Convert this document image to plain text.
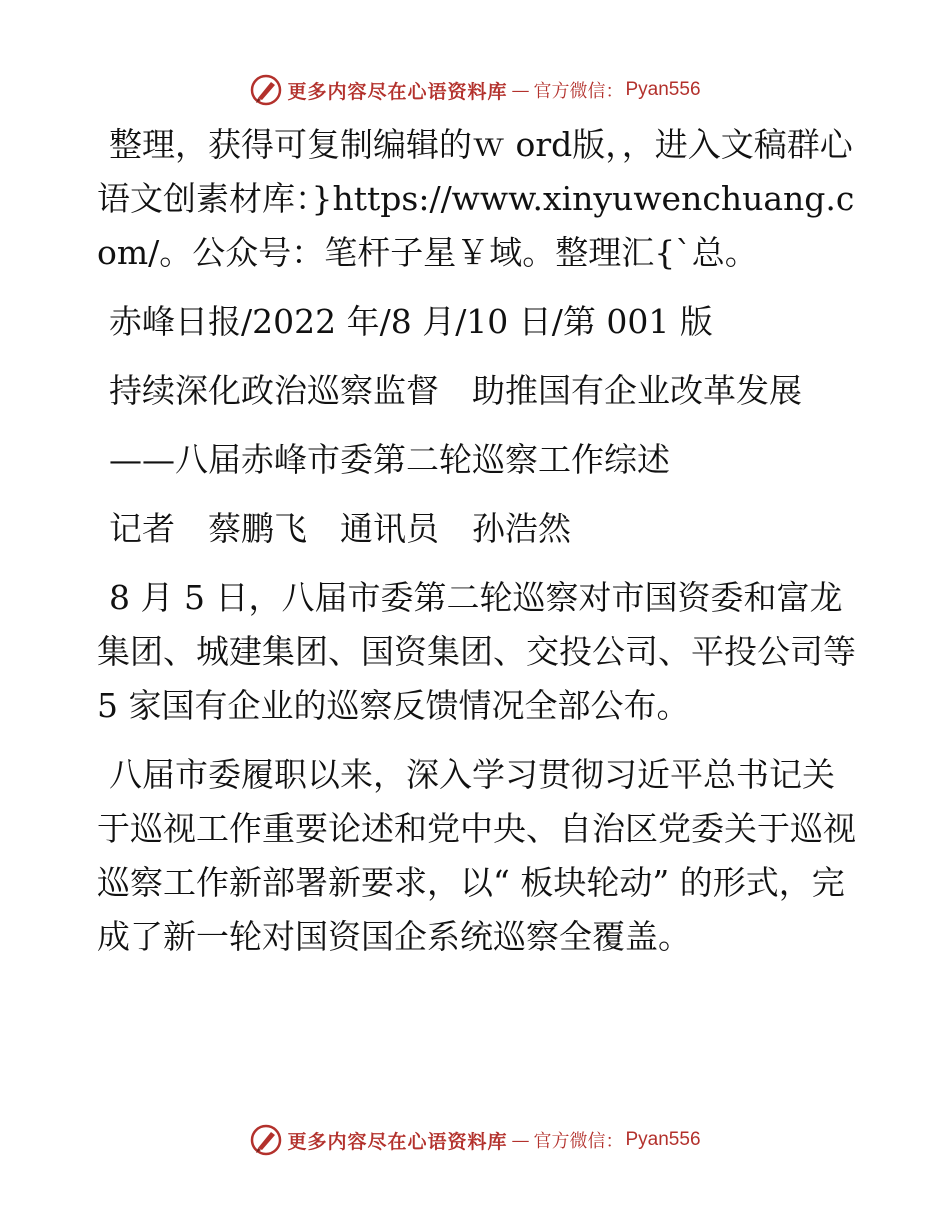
更多内容尽在心语资料库 — 官方微信： Pyan556

整理，获得可复制编辑的ｗ ord版，，进入文稿群心语文创素材库：}https://www.xinyuwenchuang.com/。公众号：笔杆子星￥域。整理汇{`总。

赤峰日报/2022 年/8 月/10 日/第 001 版

持续深化政治巡察监督　助推国有企业改革发展

——八届赤峰市委第二轮巡察工作综述

记者　蔡鹏飞　通讯员　孙浩然

8 月 5 日，八届市委第二轮巡察对市国资委和富龙集团、城建集团、国资集团、交投公司、平投公司等 5 家国有企业的巡察反馈情况全部公布。

八届市委履职以来，深入学习贯彻习近平总书记关于巡视工作重要论述和党中央、自治区党委关于巡视巡察工作新部署新要求，以“ 板块轮动” 的形式，完成了新一轮对国资国企系统巡察全覆盖。

更多内容尽在心语资料库 — 官方微信： Pyan556
